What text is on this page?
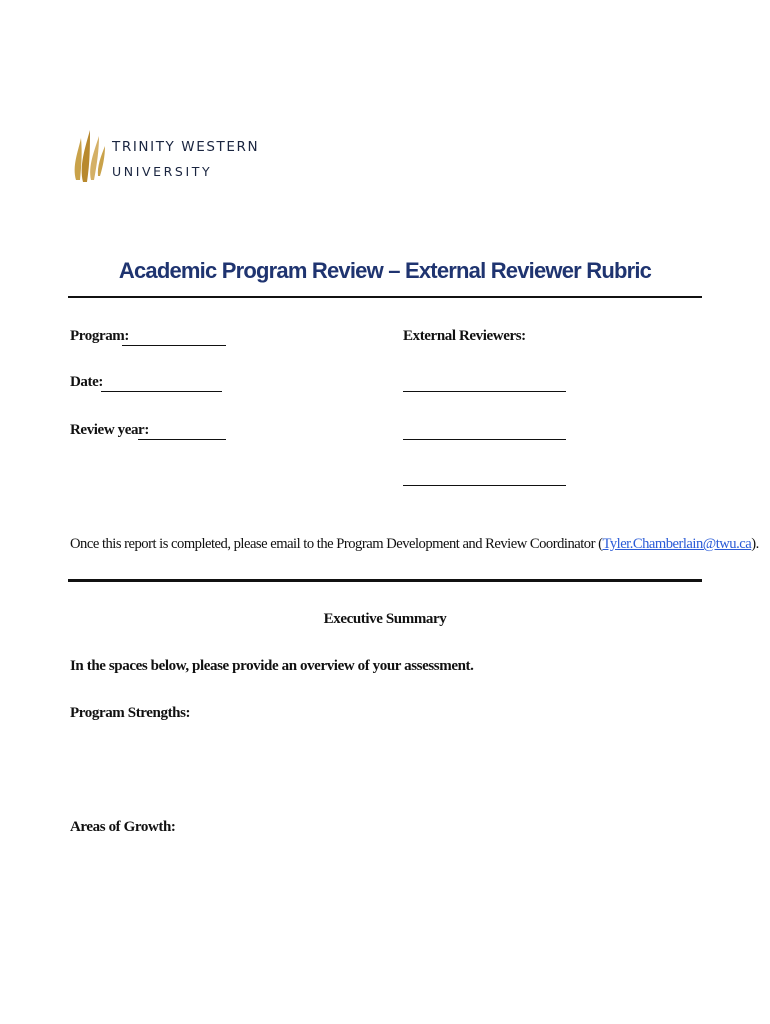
TRINITY WESTERN
UNIVERSITY
Academic Program Review – External Reviewer Rubric
Program:
Date:
Review year:
External Reviewers:
Once this report is completed, please email to the Program Development and Review Coordinator (Tyler.Chamberlain@twu.ca).
Executive Summary
In the spaces below, please provide an overview of your assessment.
Program Strengths:
Areas of Growth:
